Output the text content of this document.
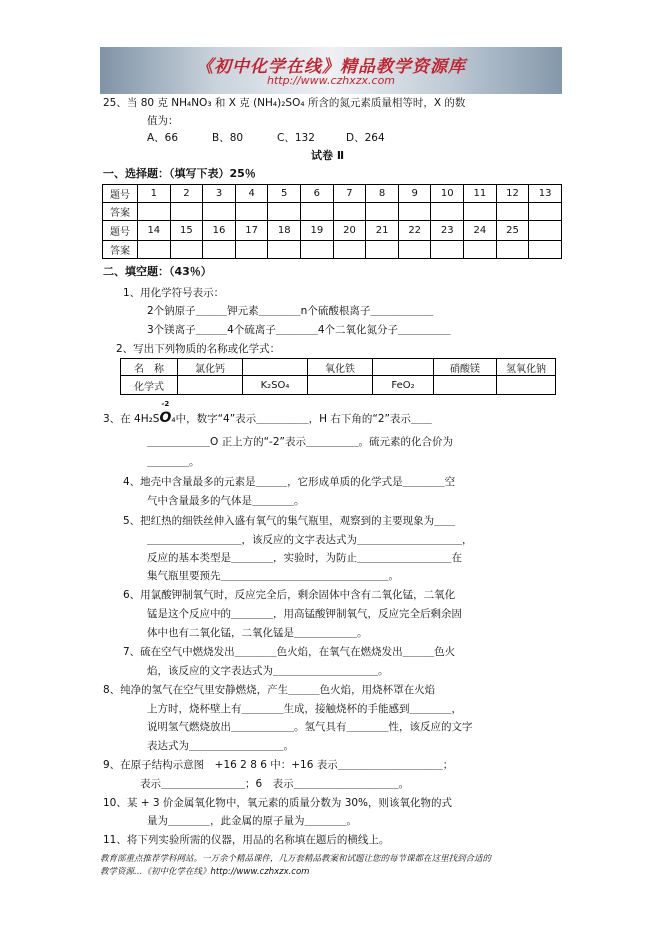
《初中化学在线》精品教学资源库
http://www.czhxzx.com
25、当 80 克 NH₄NO₃ 和 X 克 (NH₄)₂SO₄ 所含的氮元素质量相等时，X 的数
值为：
A、66	B、80	C、132	D、264
试卷 Ⅱ
一、选择题：（填写下表）25％
题号	1	2	3	4	5	6	7	8	9	10	11	12	13
答案													
题号	14	15	16	17	18	19	20	21	22	23	24	25	
答案													
二、填空题：（43％）
1、用化学符号表示：
2个钠原子＿＿＿钾元素＿＿＿＿n个硫酸根离子＿＿＿＿＿＿
3个镁离子＿＿＿4个硫离子＿＿＿＿4个二氧化氮分子＿＿＿＿＿
2、写出下列物质的名称或化学式：
名　称	氯化钙		氧化铁		硝酸镁	氢氧化钠
化学式		K₂SO₄		FeO₂		
3、在 4H₂S
-2
O₄中，数字“4”表示＿＿＿＿＿，H 右下角的“2”表示＿＿
＿＿＿＿＿＿O 正上方的“-2”表示＿＿＿＿＿。硫元素的化合价为
＿＿＿＿。
4、地壳中含量最多的元素是＿＿＿，它形成单质的化学式是＿＿＿＿空
气中含量最多的气体是＿＿＿＿。
5、把红热的细铁丝伸入盛有氧气的集气瓶里，观察到的主要现象为＿＿
＿＿＿＿＿＿＿＿＿，该反应的文字表达式为＿＿＿＿＿＿＿＿＿＿，
反应的基本类型是＿＿＿＿，实验时，为防止＿＿＿＿＿＿＿＿＿在
集气瓶里要预先＿＿＿＿＿＿＿＿＿＿＿＿＿＿＿＿。
6、用氯酸钾制氧气时，反应完全后，剩余固体中含有二氧化锰，二氧化
锰是这个反应中的＿＿＿＿，用高锰酸钾制氧气，反应完全后剩余固
体中也有二氧化锰，二氧化锰是＿＿＿＿＿＿。
7、硫在空气中燃烧发出＿＿＿＿色火焰，在氧气在燃烧发出＿＿＿色火
焰，该反应的文字表达式为＿＿＿＿＿＿＿＿＿＿。
8、纯净的氢气在空气里安静燃烧，产生＿＿＿色火焰，用烧杯罩在火焰
上方时，烧杯壁上有＿＿＿＿生成，接触烧杯的手能感到＿＿＿＿，
说明氢气燃烧放出＿＿＿＿＿＿。氢气具有＿＿＿＿性，该反应的文字
表达式为＿＿＿＿＿＿＿＿＿。
9、在原子结构示意图　+16 2 8 6 中：+16 表示＿＿＿＿＿＿＿＿＿＿；
表示＿＿＿＿＿＿＿＿；6　表示＿＿＿＿＿＿＿＿＿＿。
10、某 + 3 价金属氧化物中，氧元素的质量分数为 30%，则该氧化物的式
量为＿＿＿＿，此金属的原子量为＿＿＿＿。
11、将下列实验所需的仪器，用品的名称填在题后的横线上。
教育部重点推荐学科网站。一万余个精品课件，几万套精品教案和试题让您的每节课都在这里找到合适的
教学资源…《初中化学在线》http://www.czhxzx.com
